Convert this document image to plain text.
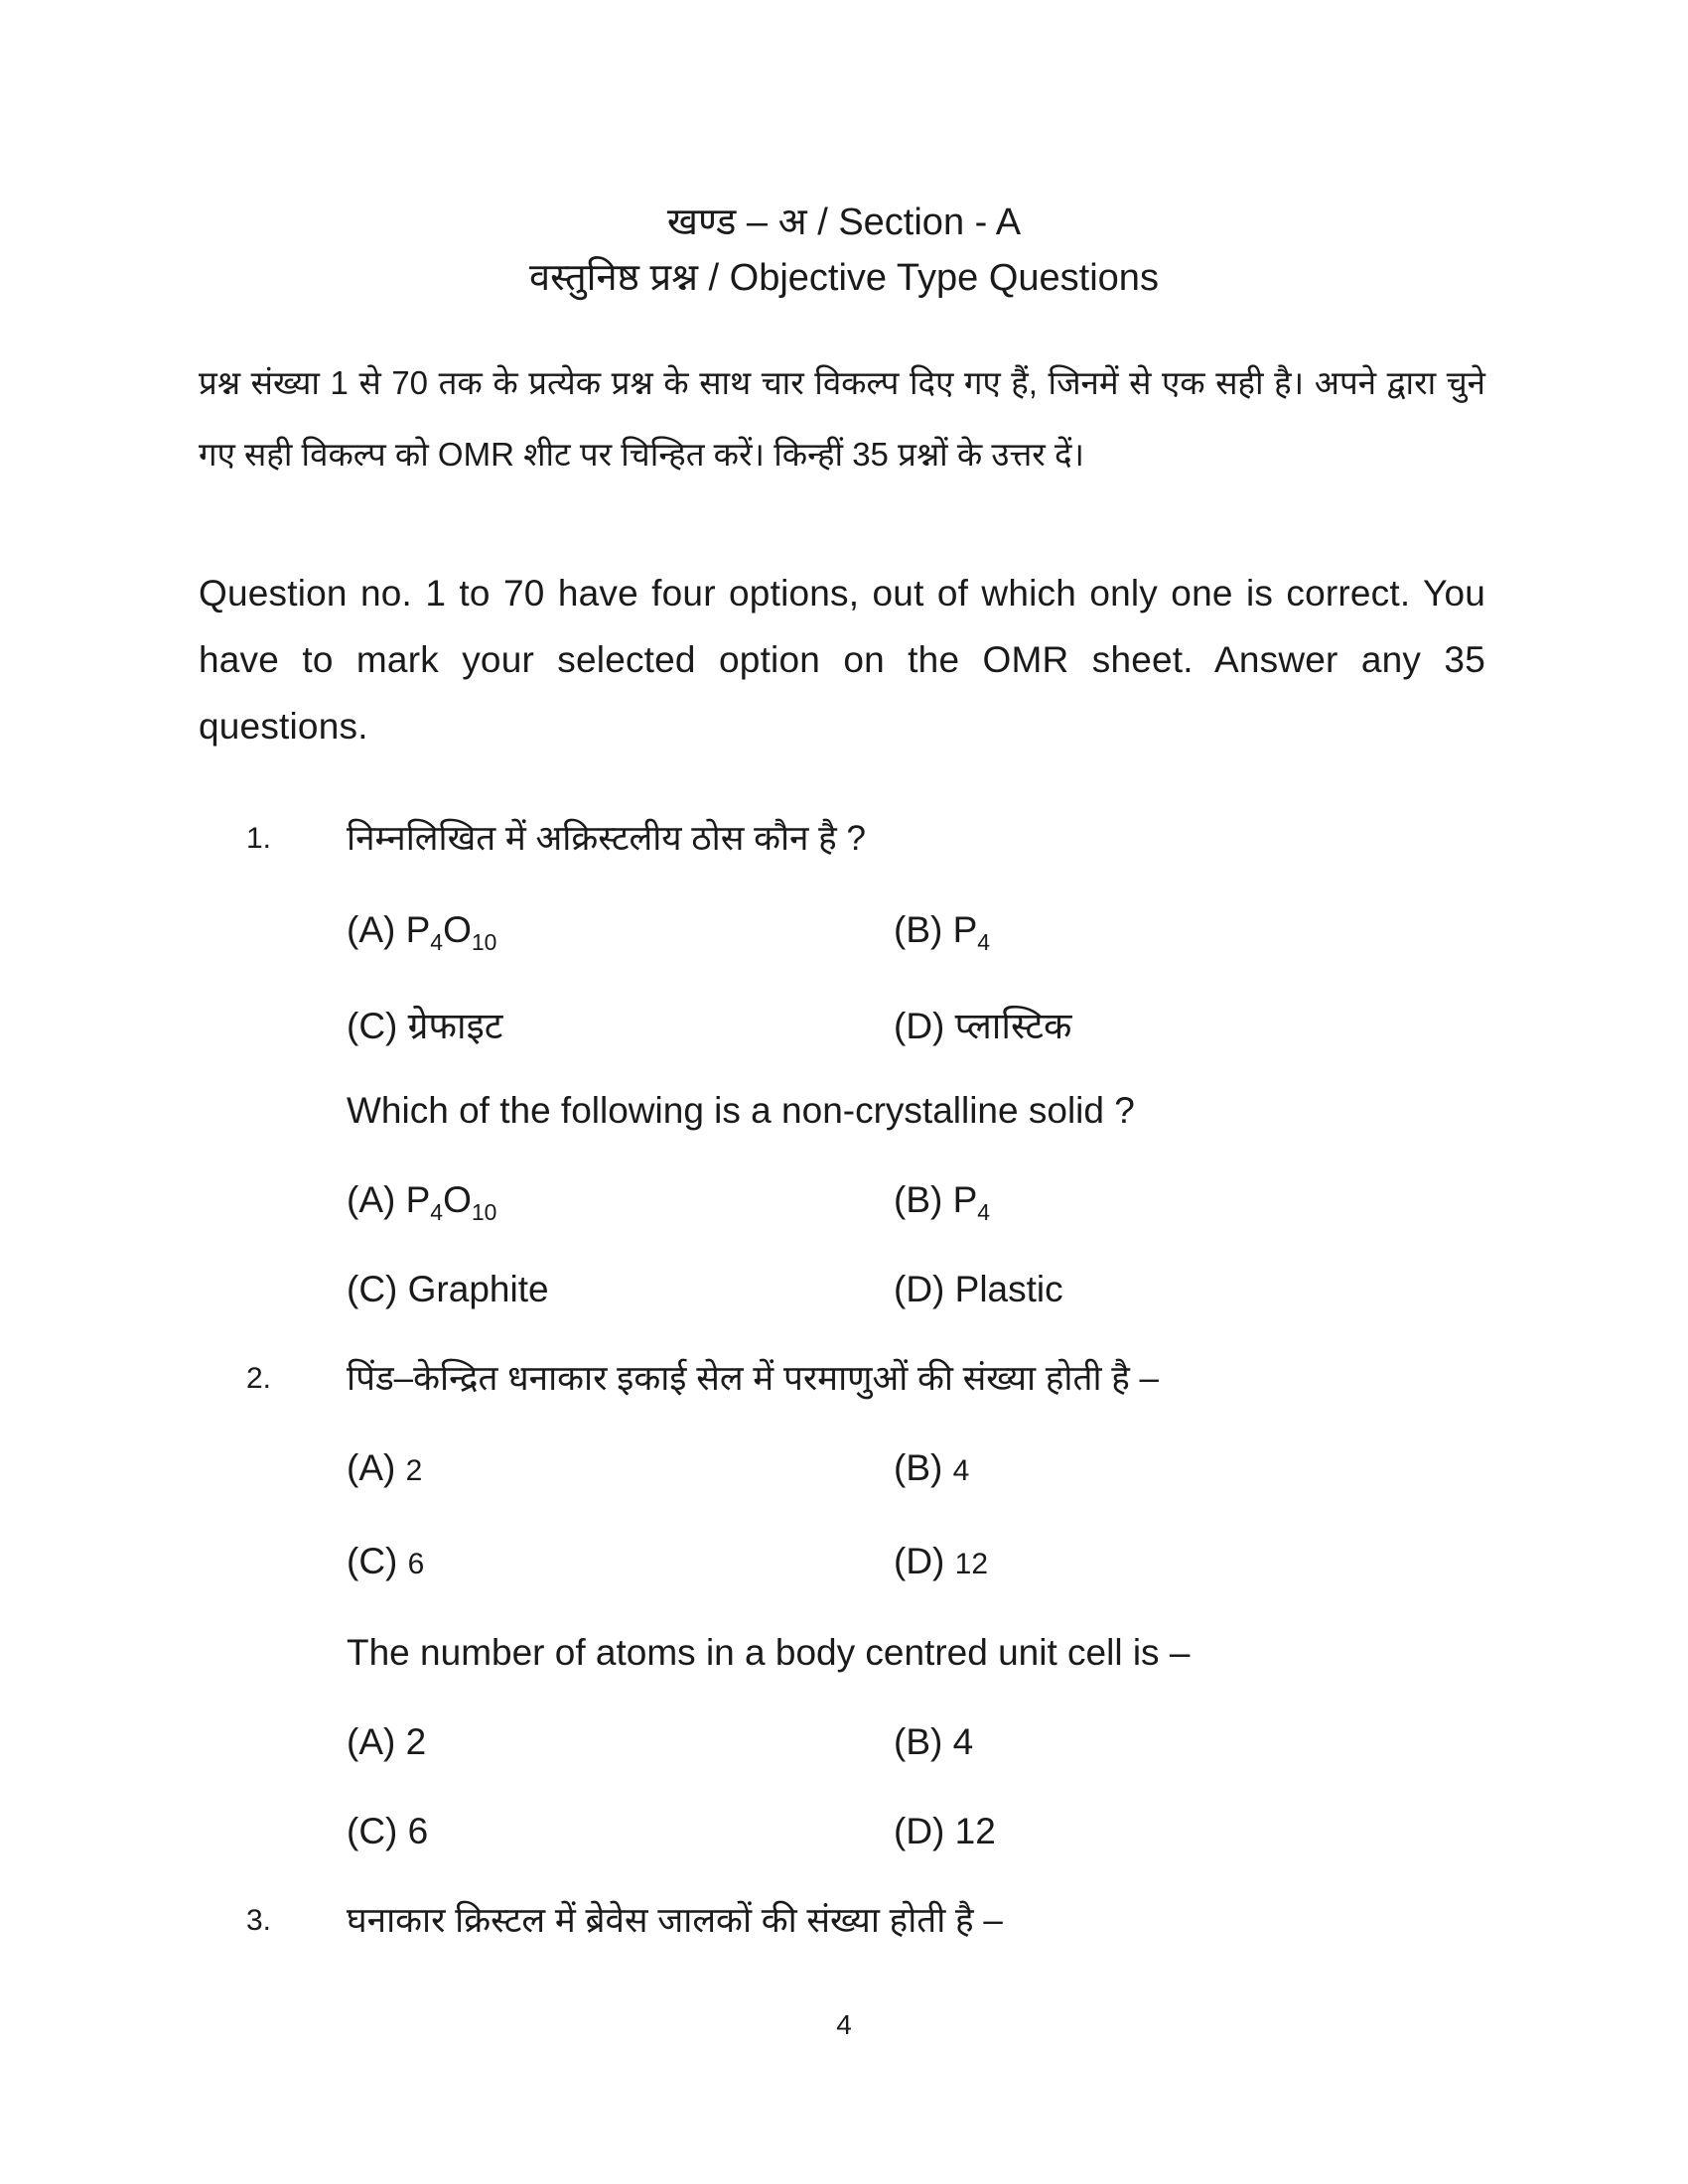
खण्ड – अ / Section - A
वस्तुनिष्ठ प्रश्न / Objective Type Questions
प्रश्न संख्या 1 से 70 तक के प्रत्येक प्रश्न के साथ चार विकल्प दिए गए हैं, जिनमें से एक सही है। अपने द्वारा चुने गए सही विकल्प को OMR शीट पर चिन्हित करें। किन्हीं 35 प्रश्नों के उत्तर दें।
Question no. 1 to 70 have four options, out of which only one is correct. You have to mark your selected option on the OMR sheet. Answer any 35 questions.
1. निम्नलिखित में अक्रिस्टलीय ठोस कौन है ?
(A) $P_4O_{10}$	(B) $P_4$
(C) ग्रेफाइट	(D) प्लास्टिक
Which of the following is a non-crystalline solid ?
(A) $P_4O_{10}$	(B) $P_4$
(C) Graphite	(D) Plastic
2. पिंड–केन्द्रित धनाकार इकाई सेल में परमाणुओं की संख्या होती है –
(A) 2	(B) 4
(C) 6	(D) 12
The number of atoms in a body centred unit cell is –
(A) 2	(B) 4
(C) 6	(D) 12
3. घनाकार क्रिस्टल में ब्रेवेस जालकों की संख्या होती है –
4
